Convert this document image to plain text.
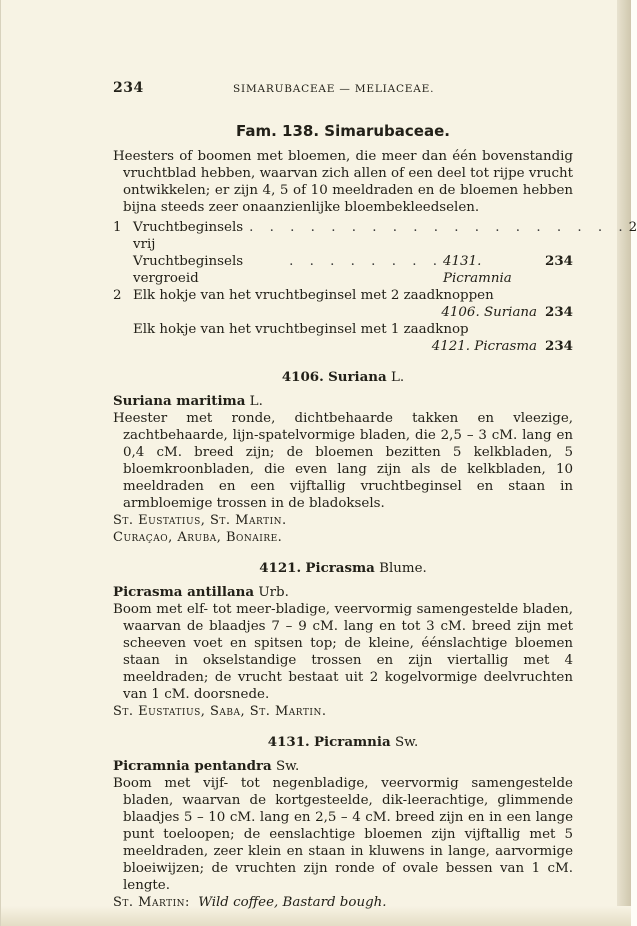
234	SIMARUBACEAE — MELIACEAE.
Fam. 138. Simarubaceae.

Heesters of boomen met bloemen, die meer dan één bovenstandig vruchtblad hebben, waarvan zich allen of een deel tot rijpe vrucht ontwikkelen; er zijn 4, 5 of 10 meeldraden en de bloemen hebben bijna steeds zeer onaanzienlijke bloembekleedselen.

1 Vruchtbeginsels vrij
. . . . . . . . . . . . . . . . . . . 2
Vruchtbeginsels vergroeid
. . . . . . . . 4131. Picramnia
234
2 Elk hokje van het vruchtbeginsel met 2 zaadknoppen
4106. Suriana 234
Elk hokje van het vruchtbeginsel met 1 zaadknop
4121. Picrasma 234
4106. Suriana L.
Suriana maritima L.

Heester met ronde, dichtbehaarde takken en vleezige, zachtbehaarde, lijn-spatelvormige bladen, die 2,5 – 3 cM. lang en 0,4 cM. breed zijn; de bloemen bezitten 5 kelkbladen, 5 bloemkroonbladen, die even lang zijn als de kelkbladen, 10 meeldraden en een vijftallig vruchtbeginsel en staan in armbloemige trossen in de bladoksels.

St. Eustatius, St. Martin.
Curaçao, Aruba, Bonaire.
4121. Picrasma Blume.
Picrasma antillana Urb.

Boom met elf- tot meer-bladige, veervormig samengestelde bladen, waarvan de blaadjes 7 – 9 cM. lang en tot 3 cM. breed zijn met scheeven voet en spitsen top; de kleine, éénslachtige bloemen staan in okselstandige trossen en zijn viertallig met 4 meeldraden; de vrucht bestaat uit 2 kogelvormige deelvruchten van 1 cM. doorsnede.

St. Eustatius, Saba, St. Martin.
4131. Picramnia Sw.
Picramnia pentandra Sw.

Boom met vijf- tot negenbladige, veervormig samengestelde bladen, waarvan de kortgesteelde, dik-leerachtige, glimmende blaadjes 5 – 10 cM. lang en 2,5 – 4 cM. breed zijn en in een lange punt toeloopen; de eenslachtige bloemen zijn vijftallig met 5 meeldraden, zeer klein en staan in kluwens in lange, aarvormige bloeiwijzen; de vruchten zijn ronde of ovale bessen van 1 cM. lengte.

St. Martin: Wild coffee, Bastard bough.
